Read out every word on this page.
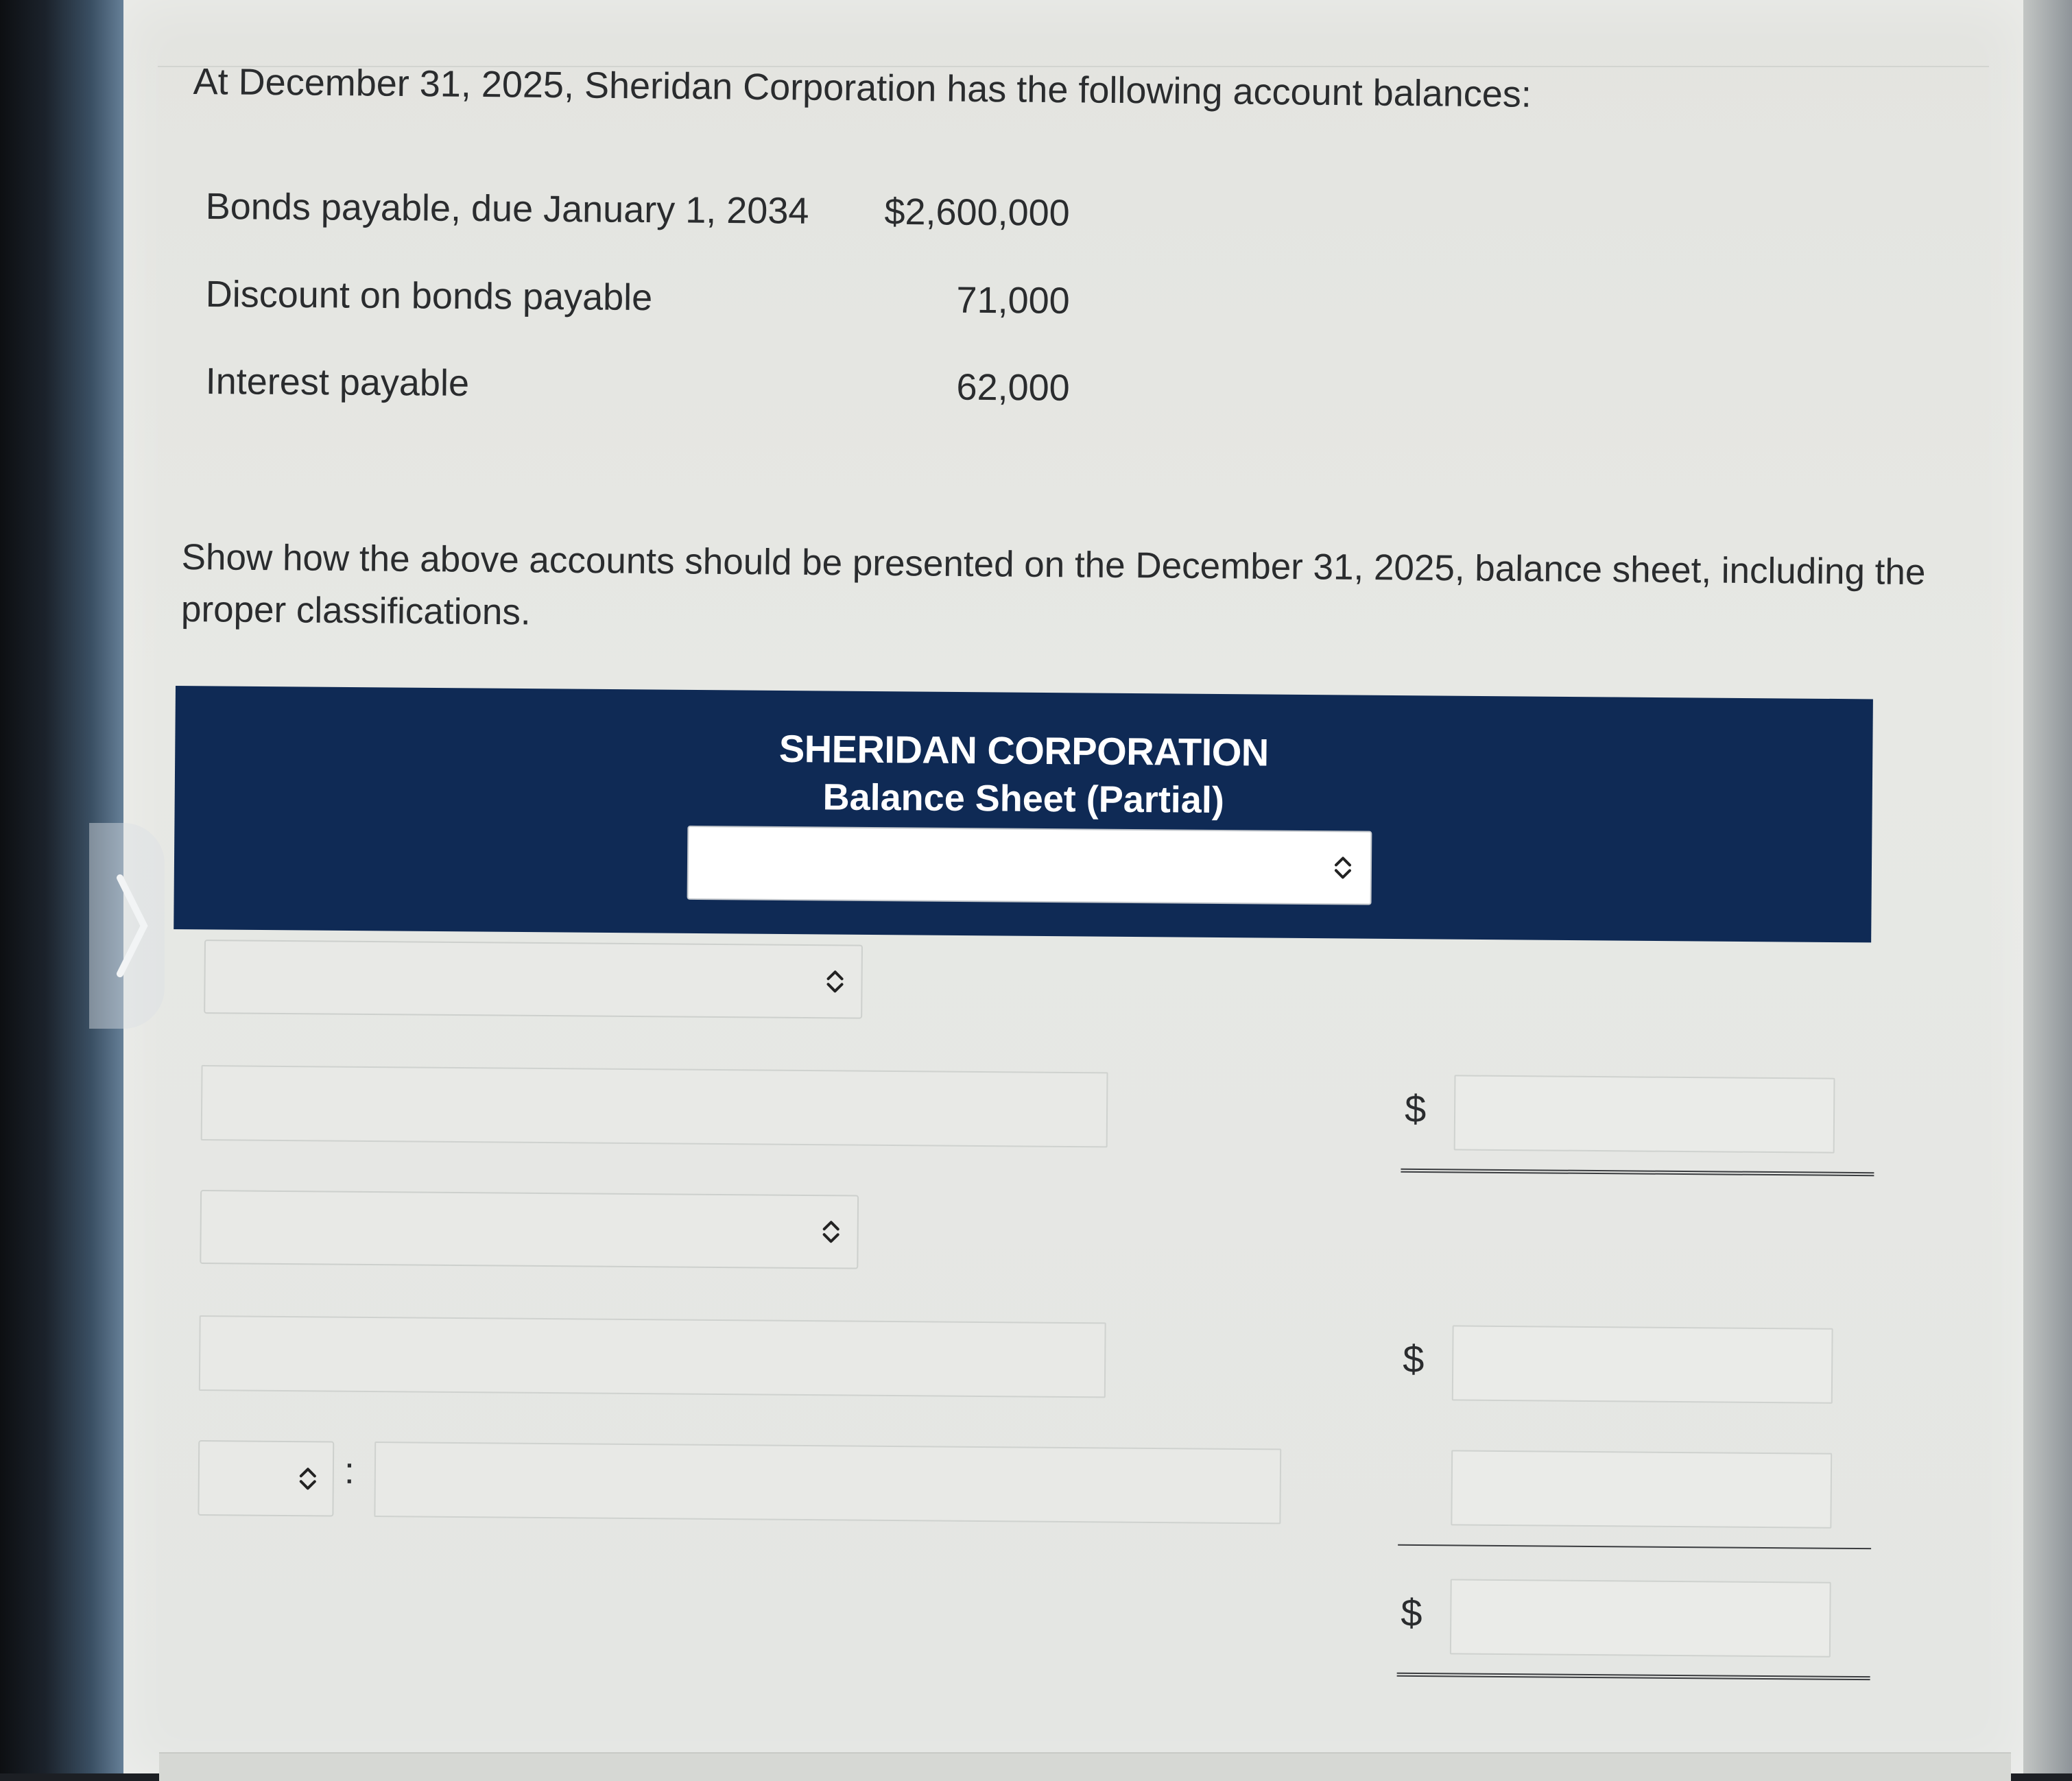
At December 31, 2025, Sheridan Corporation has the following account balances:
Bonds payable, due January 1, 2034 $2,600,000
Discount on bonds payable	71,000
Interest payable	62,000
Show how the above accounts should be presented on the December 31, 2025, balance sheet, including the proper classifications.
SHERIDAN CORPORATION
Balance Sheet (Partial)
$
$
:
$
